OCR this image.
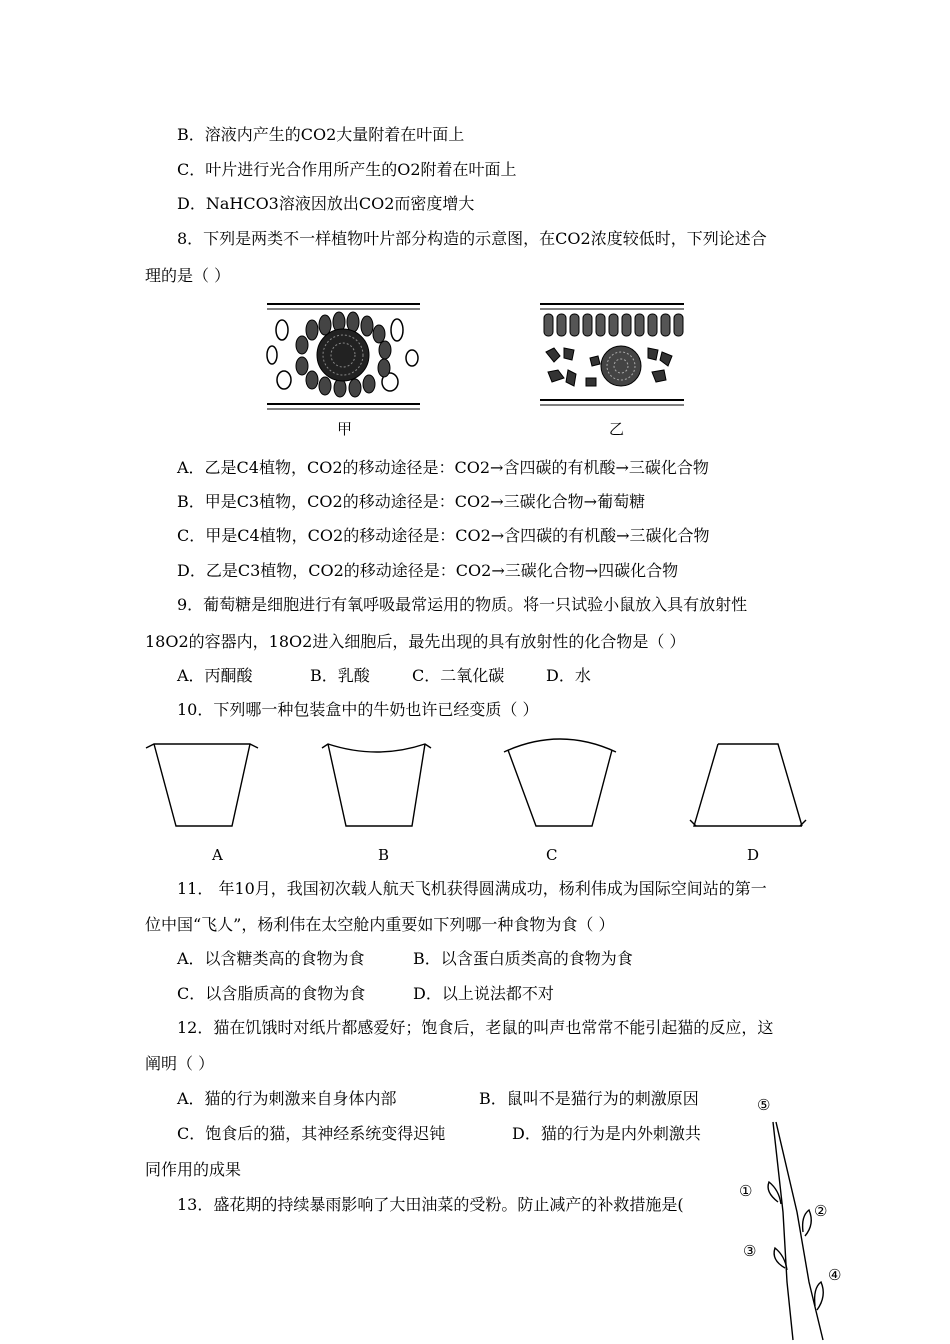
B．溶液内产生的CO2大量附着在叶面上
C．叶片进行光合作用所产生的O2附着在叶面上
D．NaHCO3溶液因放出CO2而密度增大
8．下列是两类不一样植物叶片部分构造的示意图，在CO2浓度较低时，下列论述合
理的是（ ）
甲	乙
A．乙是C4植物，CO2的移动途径是：CO2→含四碳的有机酸→三碳化合物
B．甲是C3植物，CO2的移动途径是：CO2→三碳化合物→葡萄糖
C．甲是C4植物，CO2的移动途径是：CO2→含四碳的有机酸→三碳化合物
D．乙是C3植物，CO2的移动途径是：CO2→三碳化合物→四碳化合物
9．葡萄糖是细胞进行有氧呼吸最常运用的物质。将一只试验小鼠放入具有放射性
18O2的容器内，18O2进入细胞后，最先出现的具有放射性的化合物是（ ）
A．丙酮酸	B．乳酸	C．二氧化碳	D．水
10．下列哪一种包装盒中的牛奶也许已经变质（ ）
A	B	C	D
11． 年10月，我国初次载人航天飞机获得圆满成功，杨利伟成为国际空间站的第一
位中国“飞人”，杨利伟在太空舱内重要如下列哪一种食物为食（ ）
A．以含糖类高的食物为食	B．以含蛋白质类高的食物为食
C．以含脂质高的食物为食	D．以上说法都不对
12．猫在饥饿时对纸片都感爱好；饱食后，老鼠的叫声也常常不能引起猫的反应，这
阐明（ ）
A．猫的行为刺激来自身体内部	B．鼠叫不是猫行为的刺激原因
C．饱食后的猫，其神经系统变得迟钝	D．猫的行为是内外刺激共
同作用的成果
13．盛花期的持续暴雨影响了大田油菜的受粉。防止减产的补救措施是(
⑤
①
②
③
④
